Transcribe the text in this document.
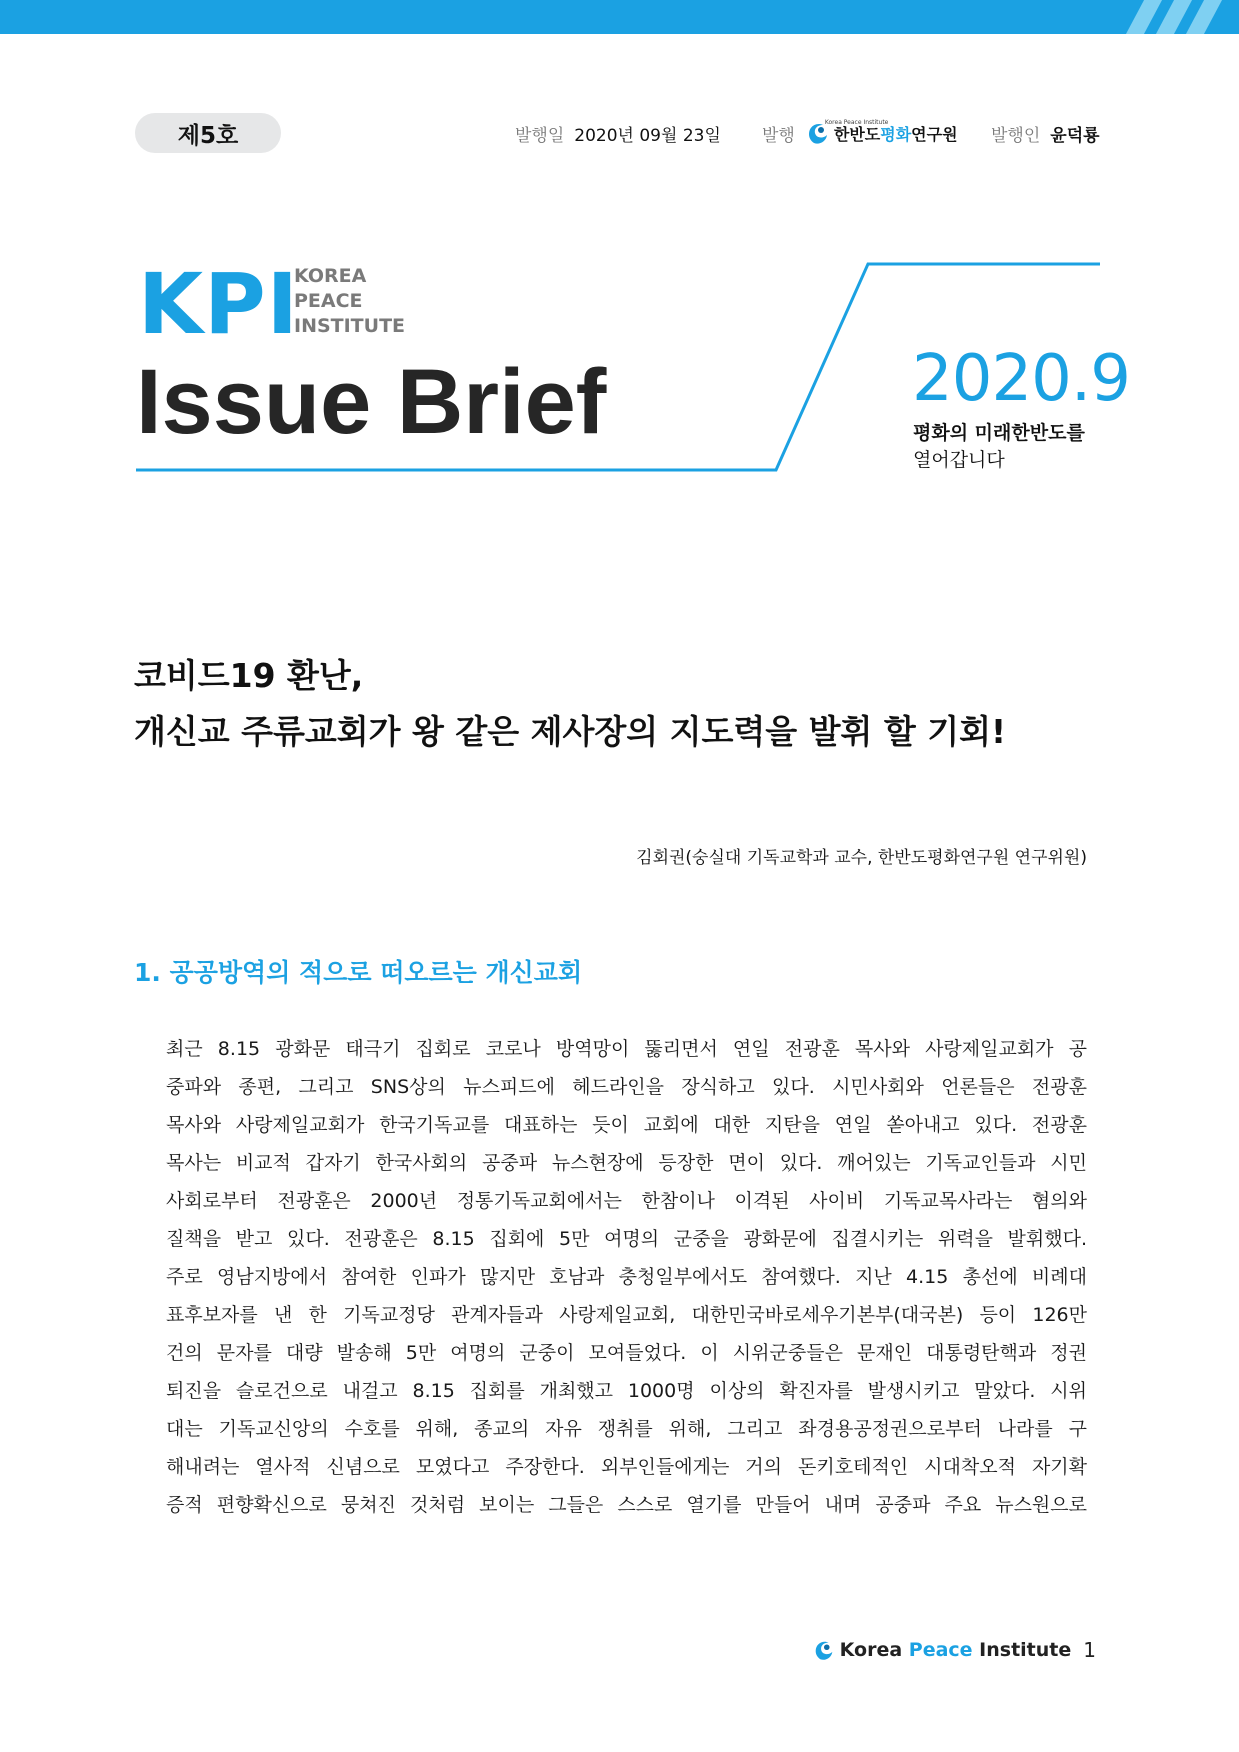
제5호	발행일 2020년 09월 23일 발행
Korea Peace Institute
한반도평화연구원 발행인 윤덕룡
KPI
KOREA
PEACE
INSTITUTE
Issue Brief	2020.9
평화의 미래한반도를
열어갑니다
코비드19 환난,
개신교 주류교회가 왕 같은 제사장의 지도력을 발휘 할 기회!
김회권(숭실대 기독교학과 교수, 한반도평화연구원 연구위원)
1. 공공방역의 적으로 떠오르는 개신교회
최근 8.15 광화문 태극기 집회로 코로나 방역망이 뚫리면서 연일 전광훈 목사와 사랑제일교회가 공
중파와 종편, 그리고 SNS상의 뉴스피드에 헤드라인을 장식하고 있다. 시민사회와 언론들은 전광훈
목사와 사랑제일교회가 한국기독교를 대표하는 듯이 교회에 대한 지탄을 연일 쏟아내고 있다. 전광훈
목사는 비교적 갑자기 한국사회의 공중파 뉴스현장에 등장한 면이 있다. 깨어있는 기독교인들과 시민
사회로부터 전광훈은 2000년 정통기독교회에서는 한참이나 이격된 사이비 기독교목사라는 혐의와
질책을 받고 있다. 전광훈은 8.15 집회에 5만 여명의 군중을 광화문에 집결시키는 위력을 발휘했다.
주로 영남지방에서 참여한 인파가 많지만 호남과 충청일부에서도 참여했다. 지난 4.15 총선에 비례대
표후보자를 낸 한 기독교정당 관계자들과 사랑제일교회, 대한민국바로세우기본부(대국본) 등이 126만
건의 문자를 대량 발송해 5만 여명의 군중이 모여들었다. 이 시위군중들은 문재인 대통령탄핵과 정권
퇴진을 슬로건으로 내걸고 8.15 집회를 개최했고 1000명 이상의 확진자를 발생시키고 말았다. 시위
대는 기독교신앙의 수호를 위해, 종교의 자유 쟁취를 위해, 그리고 좌경용공정권으로부터 나라를 구
해내려는 열사적 신념으로 모였다고 주장한다. 외부인들에게는 거의 돈키호테적인 시대착오적 자기확
증적 편향확신으로 뭉쳐진 것처럼 보이는 그들은 스스로 열기를 만들어 내며 공중파 주요 뉴스원으로
Korea Peace Institute 1
